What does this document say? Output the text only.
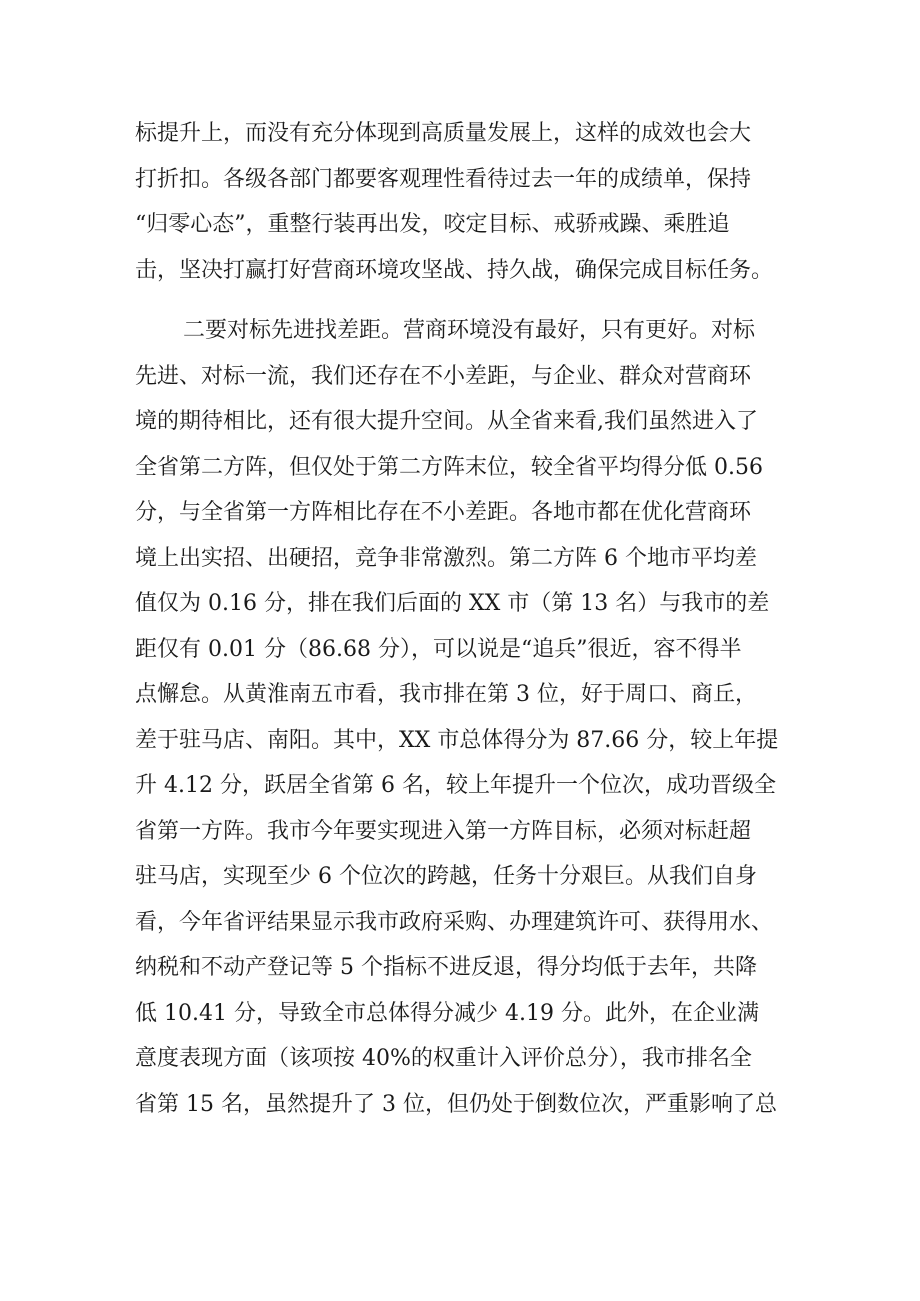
标提升上，而没有充分体现到高质量发展上，这样的成效也会大
打折扣。各级各部门都要客观理性看待过去一年的成绩单，保持
“归零心态”，重整行装再出发，咬定目标、戒骄戒躁、乘胜追
击，坚决打赢打好营商环境攻坚战、持久战，确保完成目标任务。
二要对标先进找差距。营商环境没有最好，只有更好。对标
先进、对标一流，我们还存在不小差距，与企业、群众对营商环
境的期待相比，还有很大提升空间。从全省来看,我们虽然进入了
全省第二方阵，但仅处于第二方阵末位，较全省平均得分低 0.56
分，与全省第一方阵相比存在不小差距。各地市都在优化营商环
境上出实招、出硬招，竞争非常激烈。第二方阵 6 个地市平均差
值仅为 0.16 分，排在我们后面的 XX 市（第 13 名）与我市的差
距仅有 0.01 分（86.68 分），可以说是“追兵”很近，容不得半
点懈怠。从黄淮南五市看，我市排在第 3 位，好于周口、商丘，
差于驻马店、南阳。其中，XX 市总体得分为 87.66 分，较上年提
升 4.12 分，跃居全省第 6 名，较上年提升一个位次，成功晋级全
省第一方阵。我市今年要实现进入第一方阵目标，必须对标赶超
驻马店，实现至少 6 个位次的跨越，任务十分艰巨。从我们自身
看，今年省评结果显示我市政府采购、办理建筑许可、获得用水、
纳税和不动产登记等 5 个指标不进反退，得分均低于去年，共降
低 10.41 分，导致全市总体得分减少 4.19 分。此外，在企业满
意度表现方面（该项按 40%的权重计入评价总分），我市排名全
省第 15 名，虽然提升了 3 位，但仍处于倒数位次，严重影响了总
